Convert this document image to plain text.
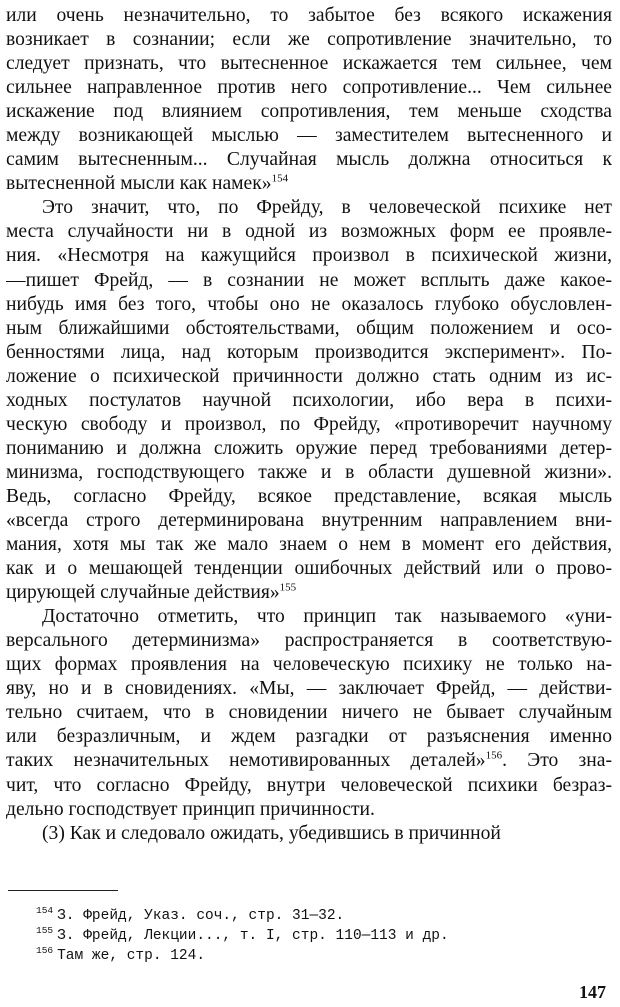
или очень незначительно, то забытое без всякого искажения
возникает в сознании; если же сопротивление значительно, то
следует признать, что вытесненное искажается тем сильнее, чем
сильнее направленное против него сопротивление... Чем сильнее
искажение под влиянием сопротивления, тем меньше сходства
между возникающей мыслью — заместителем вытесненного и
самим вытесненным... Случайная мысль должна относиться к
вытесненной мысли как намек»$^{154}$
Это значит, что, по Фрейду, в человеческой психике нет
места случайности ни в одной из возможных форм ее проявле-
ния. «Несмотря на кажущийся произвол в психической жизни,
—пишет Фрейд, — в сознании не может всплыть даже какое-
нибудь имя без того, чтобы оно не оказалось глубоко обусловлен-
ным ближайшими обстоятельствами, общим положением и осо-
бенностями лица, над которым производится эксперимент». По-
ложение о психической причинности должно стать одним из ис-
ходных постулатов научной психологии, ибо вера в психи-
ческую свободу и произвол, по Фрейду, «противоречит научному
пониманию и должна сложить оружие перед требованиями детер-
минизма, господствующего также и в области душевной жизни».
Ведь, согласно Фрейду, всякое представление, всякая мысль
«всегда строго детерминирована внутренним направлением вни-
мания, хотя мы так же мало знаем о нем в момент его действия,
как и о мешающей тенденции ошибочных действий или о прово-
цирующей случайные действия»$^{155}$
Достаточно отметить, что принцип так называемого «уни-
версального детерминизма» распространяется в соответствую-
щих формах проявления на человеческую психику не только на-
яву, но и в сновидениях. «Мы, — заключает Фрейд, — действи-
тельно считаем, что в сновидении ничего не бывает случайным
или безразличным, и ждем разгадки от разъяснения именно
таких незначительных немотивированных деталей»$^{156}$. Это зна-
чит, что согласно Фрейду, внутри человеческой психики безраз-
дельно господствует принцип причинности.
(3) Как и следовало ожидать, убедившись в причинной
$^{154}$ З. Фрейд, Указ. соч., стр. 31—32.
$^{155}$ З. Фрейд, Лекции..., т. I, стр. 110—113 и др.
$^{156}$ Там же, стр. 124.
147
